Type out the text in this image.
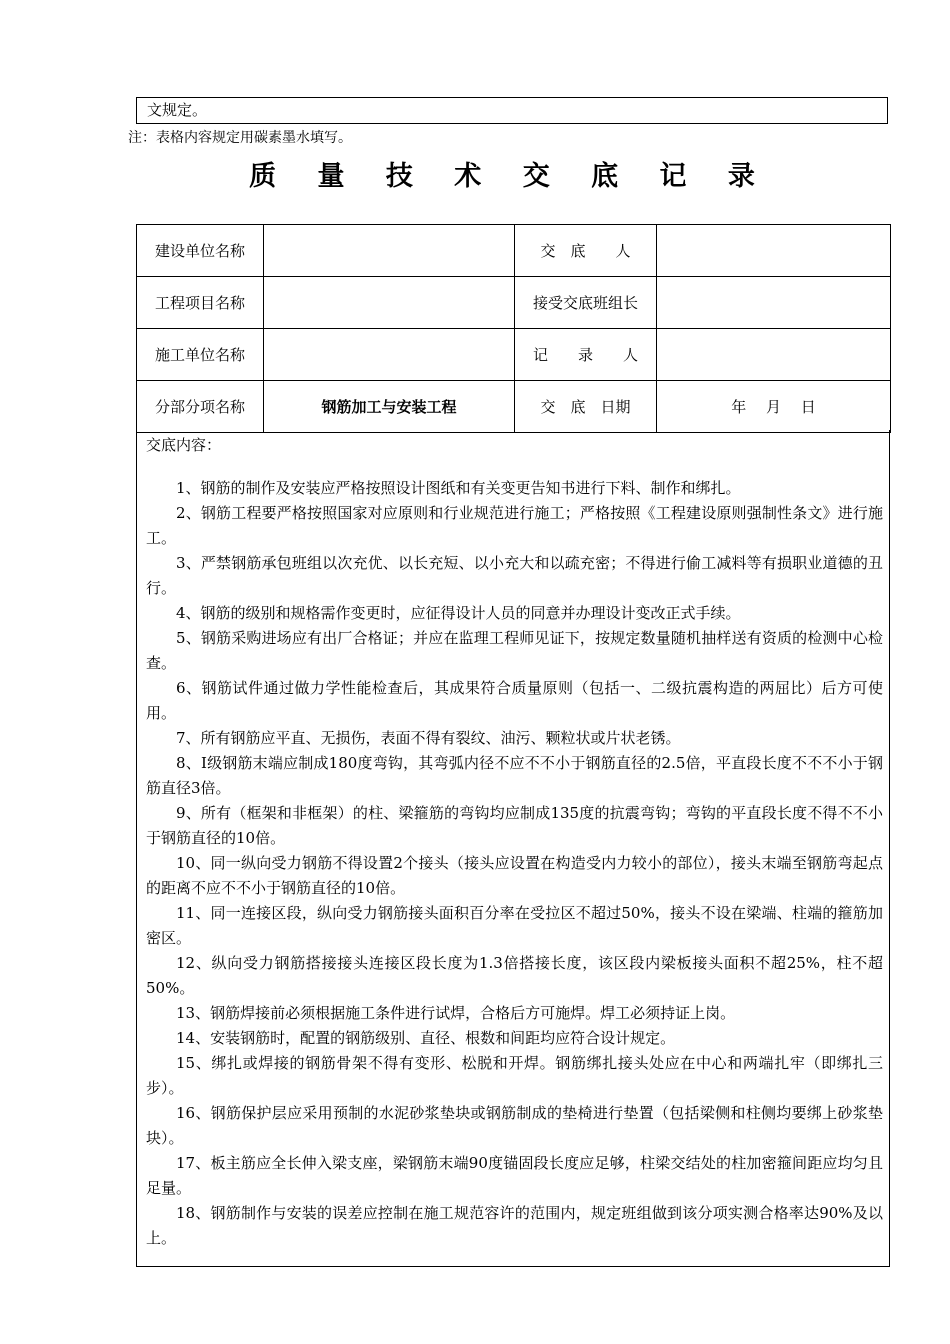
文规定。
注：表格内容规定用碳素墨水填写。
质 量 技 术 交 底 记 录
建设单位名称		交　底　　人	
工程项目名称		接受交底班组长	
施工单位名称		记　　录　　人	
分部分项名称	钢筋加工与安装工程	交　底　日期	年　 月　 日
交底内容：

1、钢筋的制作及安装应严格按照设计图纸和有关变更告知书进行下料、制作和绑扎。

2、钢筋工程要严格按照国家对应原则和行业规范进行施工；严格按照《工程建设原则强制性条文》进行施工。

3、严禁钢筋承包班组以次充优、以长充短、以小充大和以疏充密；不得进行偷工减料等有损职业道德的丑行。

4、钢筋的级别和规格需作变更时，应征得设计人员的同意并办理设计变改正式手续。

5、钢筋采购进场应有出厂合格证；并应在监理工程师见证下，按规定数量随机抽样送有资质的检测中心检查。

6、钢筋试件通过做力学性能检查后，其成果符合质量原则（包括一、二级抗震构造的两屈比）后方可使用。

7、所有钢筋应平直、无损伤，表面不得有裂纹、油污、颗粒状或片状老锈。

8、Ⅰ级钢筋末端应制成180度弯钩，其弯弧内径不应不不小于钢筋直径的2.5倍，平直段长度不不不小于钢筋直径3倍。

9、所有（框架和非框架）的柱、梁箍筋的弯钩均应制成135度的抗震弯钩；弯钩的平直段长度不得不不小于钢筋直径的10倍。

10、同一纵向受力钢筋不得设置2个接头（接头应设置在构造受内力较小的部位），接头末端至钢筋弯起点的距离不应不不小于钢筋直径的10倍。

11、同一连接区段，纵向受力钢筋接头面积百分率在受拉区不超过50%，接头不设在梁端、柱端的箍筋加密区。

12、纵向受力钢筋搭接接头连接区段长度为1.3倍搭接长度，该区段内梁板接头面积不超25%，柱不超50%。

13、钢筋焊接前必须根据施工条件进行试焊，合格后方可施焊。焊工必须持证上岗。

14、安装钢筋时，配置的钢筋级别、直径、根数和间距均应符合设计规定。

15、绑扎或焊接的钢筋骨架不得有变形、松脱和开焊。钢筋绑扎接头处应在中心和两端扎牢（即绑扎三步）。

16、钢筋保护层应采用预制的水泥砂浆垫块或钢筋制成的垫椅进行垫置（包括梁侧和柱侧均要绑上砂浆垫块）。

17、板主筋应全长伸入梁支座，梁钢筋末端90度锚固段长度应足够，柱梁交结处的柱加密箍间距应均匀且足量。

18、钢筋制作与安装的误差应控制在施工规范容许的范围内，规定班组做到该分项实测合格率达90%及以上。
